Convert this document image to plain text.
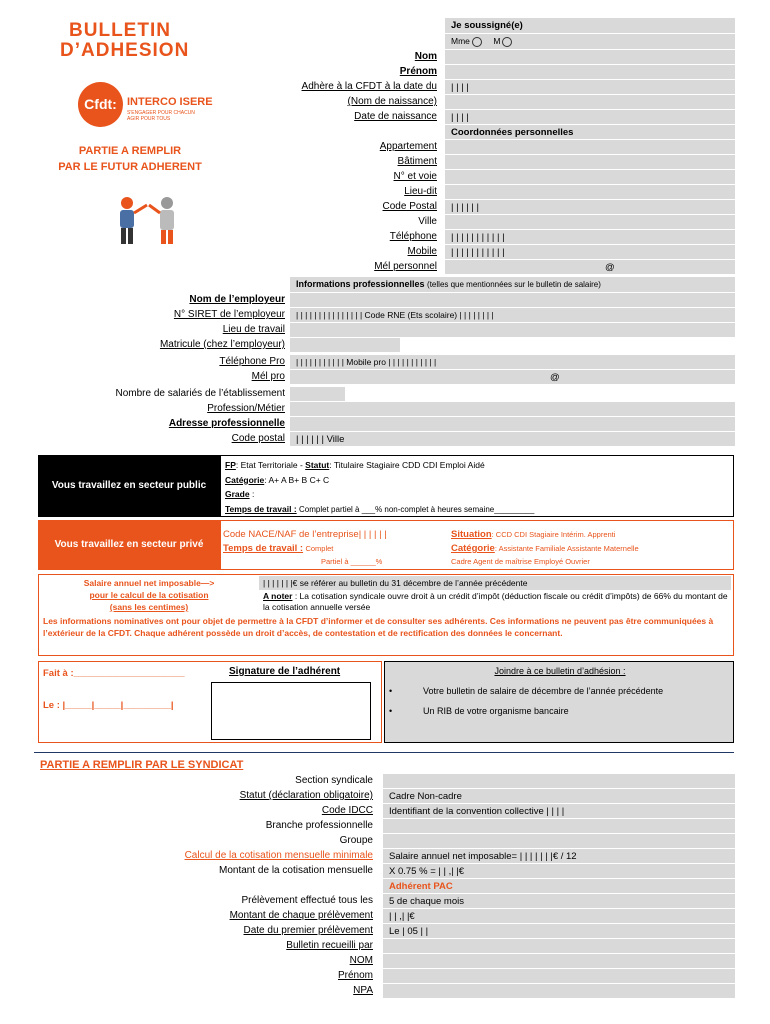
BULLETIN
D’ADHESION
Cfdt: INTERCO ISERE
S'ENGAGER POUR CHACUN AGIR POUR TOUS
PARTIE A REMPLIR
PAR LE FUTUR ADHERENT
Je soussigné(e)
Mme	M
Nom
Prénom
Adhère à la CFDT à la date du	| | | |
(Nom de naissance)
Date de naissance	| | | |
Coordonnées personnelles
Appartement
Bâtiment
N° et voie
Lieu-dit
Code Postal	| | | | | |
Ville
Téléphone	| | | | | | | | | | |
Mobile	| | | | | | | | | | |
Mél personnel	@
Informations professionnelles (telles que mentionnées sur le bulletin de salaire)
Nom de l’employeur
N° SIRET de l’employeur	| | | | | | | | | | | | | | | Code RNE (Ets scolaire) | | | | | | | |
Lieu de travail
Matricule (chez l’employeur)
Téléphone Pro	| | | | | | | | | | | Mobile pro | | | | | | | | | | |
Mél pro	@
Nombre de salariés de l’établissement
Profession/Métier
Adresse professionnelle
Code postal	| | | | | | Ville
Vous travaillez en secteur public
FP: Etat Territoriale - Statut: Titulaire Stagiaire CDD CDI Emploi Aidé
Catégorie: A+ A B+ B C+ C
Grade :
Temps de travail : Complet partiel à ___% non-complet à heures semaine_________
Vous travaillez en secteur privé
Code NACE/NAF de l’entreprise| | | | | |
Temps de travail : Complet
Partiel à ______%
Situation: CCD CDI Stagiaire Intérim. Apprenti
Catégorie: Assistante Familiale Assistante Maternelle
Cadre Agent de maîtrise Employé Ouvrier
Salaire annuel net imposable—>
pour le calcul de la cotisation
(sans les centimes)
| | | | | | |€ se référer au bulletin du 31 décembre de l’année précédente
A noter : La cotisation syndicale ouvre droit à un crédit d’impôt (déduction fiscale ou crédit d’impôts) de 66% du montant de la cotisation annuelle versée
Les informations nominatives ont pour objet de permettre à la CFDT d’informer et de consulter ses adhérents. Ces informations ne peuvent pas être communiquées à l’extérieur de la CFDT. Chaque adhérent possède un droit d’accès, de contestation et de rectification des données le concernant.
Fait à :_____________________
Le : |_____|_____|_________|
Signature de l’adhérent	Joindre à ce bulletin d’adhésion :
•	Votre bulletin de salaire de décembre de l’année précédente
•	Un RIB de votre organisme bancaire
PARTIE A REMPLIR PAR LE SYNDICAT
Section syndicale
Statut (déclaration obligatoire)	Cadre Non-cadre
Code IDCC	Identifiant de la convention collective | | | |
Branche professionnelle
Groupe
Calcul de la cotisation mensuelle minimale	Salaire annuel net imposable= | | | | | | |€ / 12
Montant de la cotisation mensuelle	X 0.75 % = | | ,| |€
Adhérent PAC
Prélèvement effectué tous les	5 de chaque mois
Montant de chaque prélèvement	| | ,| |€
Date du premier prélèvement	Le | 05 | |
Bulletin recueilli par
NOM
Prénom
NPA
